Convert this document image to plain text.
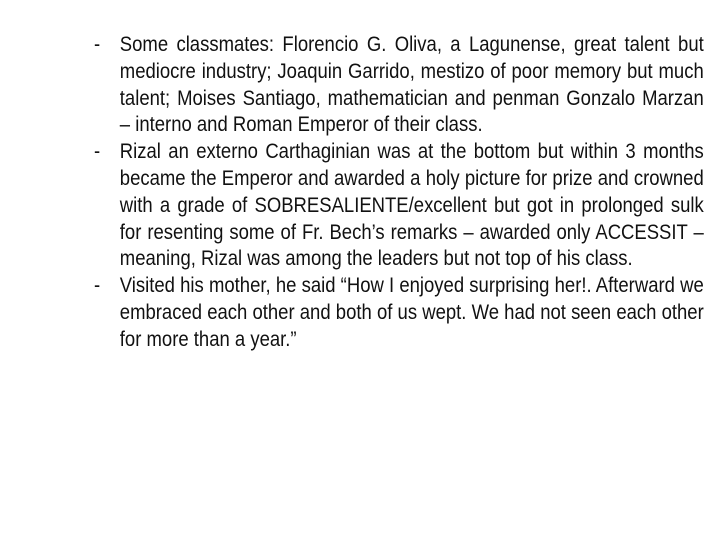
- Some classmates: Florencio G. Oliva, a Lagunense, great talent but mediocre industry; Joaquin Garrido, mestizo of poor memory but much talent; Moises Santiago, mathematician and penman Gonzalo Marzan – interno and Roman Emperor of their class.
- Rizal an externo Carthaginian was at the bottom but within 3 months became the Emperor and awarded a holy picture for prize and crowned with a grade of SOBRESALIENTE/excellent but got in prolonged sulk for resenting some of Fr. Bech’s remarks – awarded only ACCESSIT – meaning, Rizal was among the leaders but not top of his class.
- Visited his mother, he said “How I enjoyed surprising her!. Afterward we embraced each other and both of us wept. We had not seen each other for more than a year.”
